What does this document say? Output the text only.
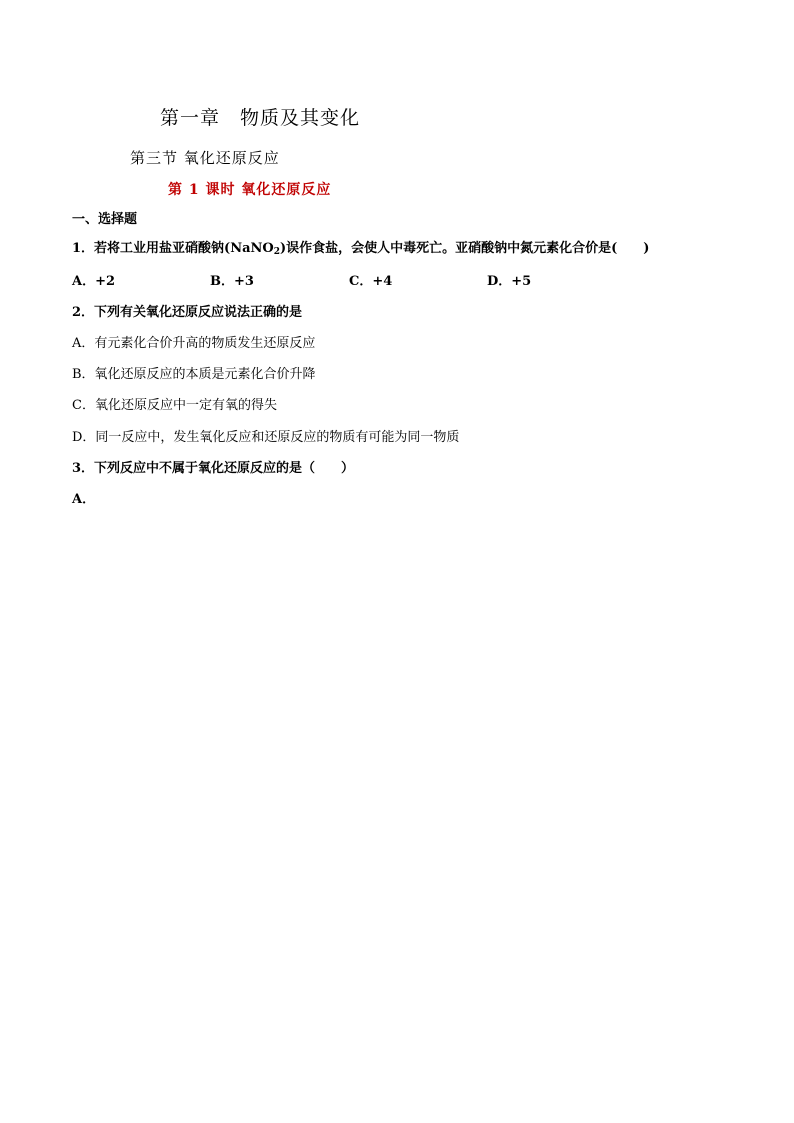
第一章　物质及其变化
第三节 氧化还原反应
第 1 课时 氧化还原反应
一、选择题
1．若将工业用盐亚硝酸钠(NaNO$_2$)误作食盐，会使人中毒死亡。亚硝酸钠中氮元素化合价是(　　)
A．+2	B．+3	C．+4	D．+5
2．下列有关氧化还原反应说法正确的是
A．有元素化合价升高的物质发生还原反应
B．氧化还原反应的本质是元素化合价升降
C．氧化还原反应中一定有氧的得失
D．同一反应中，发生氧化反应和还原反应的物质有可能为同一物质
3．下列反应中不属于氧化还原反应的是（　　）
A．
